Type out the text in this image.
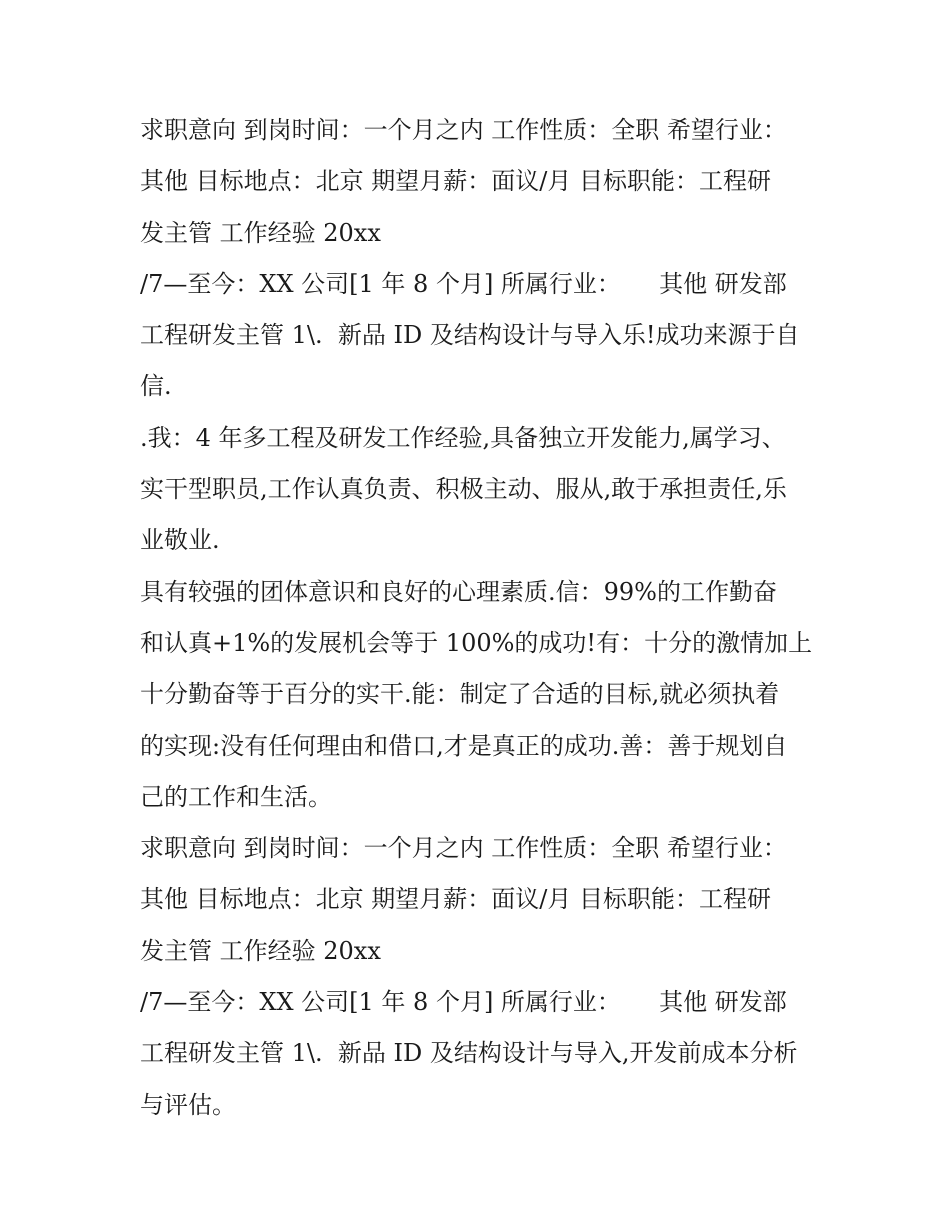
求职意向 到岗时间：一个月之内 工作性质：全职 希望行业：
其他 目标地点：北京 期望月薪：面议/月 目标职能：工程研
发主管 工作经验 20xx
/7—至今：XX 公司[1 年 8 个月] 所属行业：     其他 研发部
工程研发主管 1\.  新品 ID 及结构设计与导入乐!成功来源于自
信.
.我：4 年多工程及研发工作经验,具备独立开发能力,属学习、
实干型职员,工作认真负责、积极主动、服从,敢于承担责任,乐
业敬业.
具有较强的团体意识和良好的心理素质.信：99%的工作勤奋
和认真+1%的发展机会等于 100%的成功!有：十分的激情加上
十分勤奋等于百分的实干.能：制定了合适的目标,就必须执着
的实现:没有任何理由和借口,才是真正的成功.善：善于规划自
己的工作和生活。
求职意向 到岗时间：一个月之内 工作性质：全职 希望行业：
其他 目标地点：北京 期望月薪：面议/月 目标职能：工程研
发主管 工作经验 20xx
/7—至今：XX 公司[1 年 8 个月] 所属行业：     其他 研发部
工程研发主管 1\.  新品 ID 及结构设计与导入,开发前成本分析
与评估。
